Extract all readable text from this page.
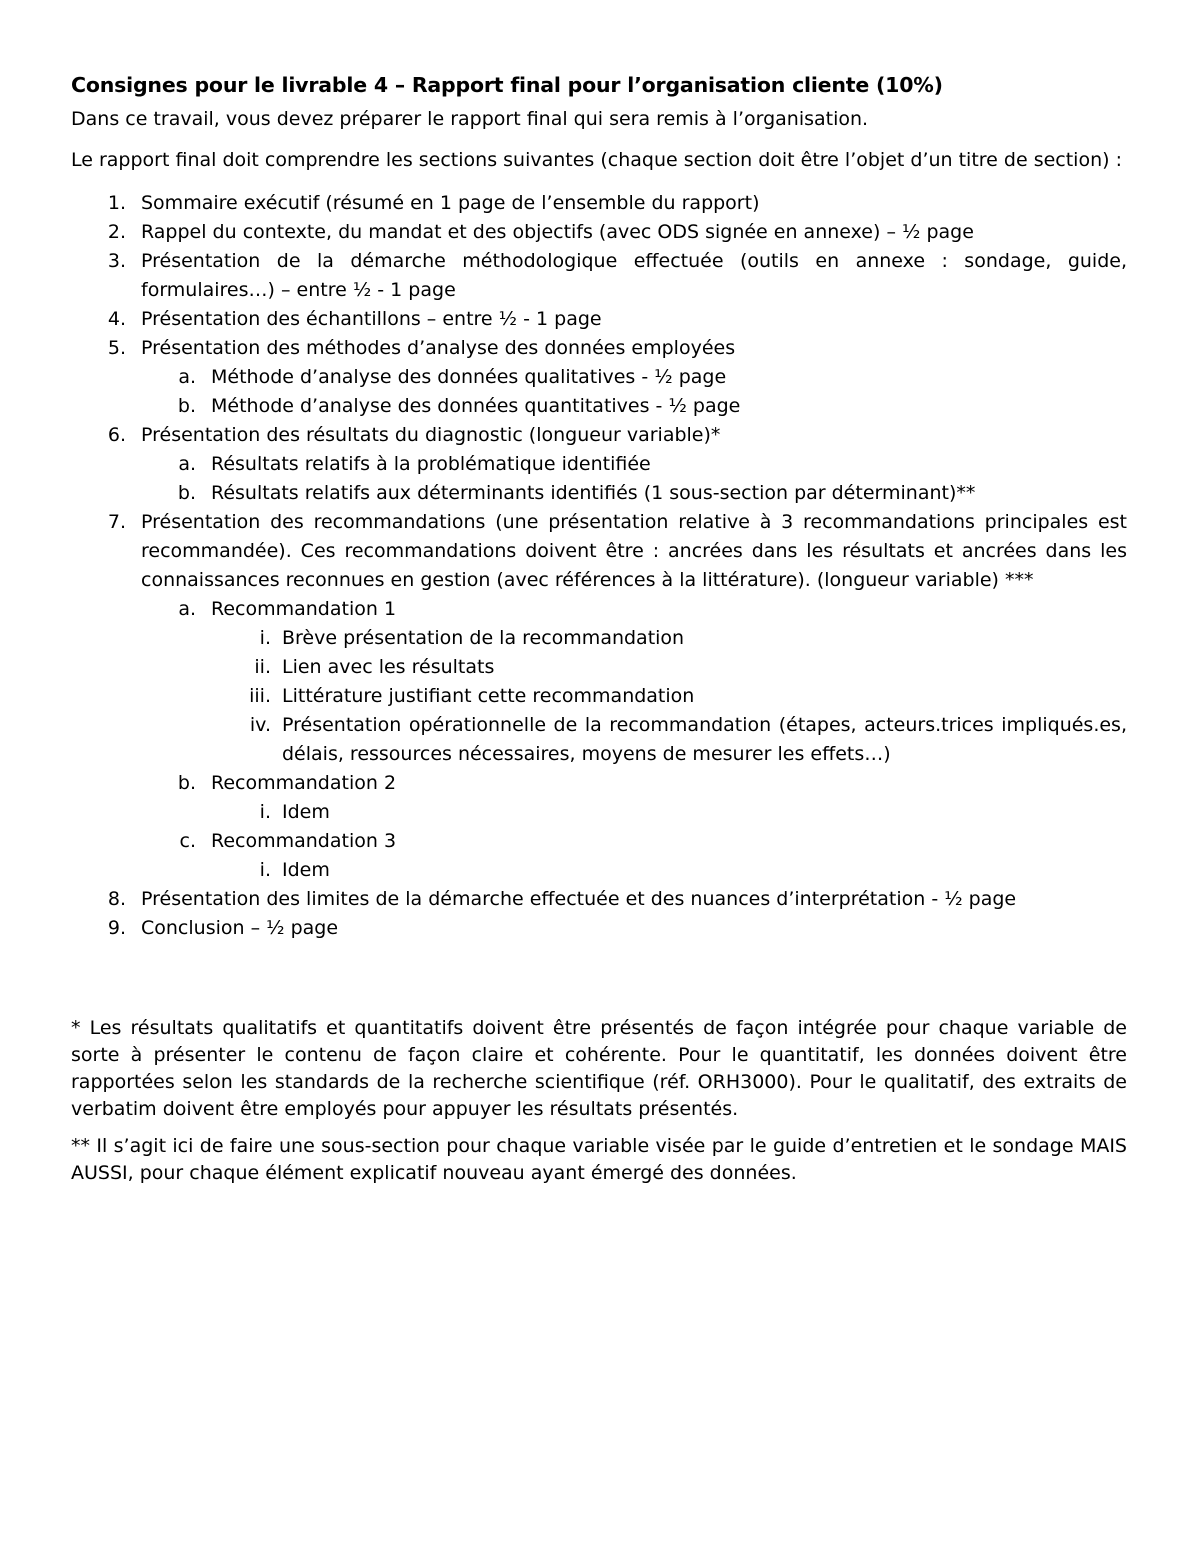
Consignes pour le livrable 4 – Rapport final pour l’organisation cliente (10%)

Dans ce travail, vous devez préparer le rapport final qui sera remis à l’organisation.

Le rapport final doit comprendre les sections suivantes (chaque section doit être l’objet d’un titre de section) :

1. Sommaire exécutif (résumé en 1 page de l’ensemble du rapport)
2. Rappel du contexte, du mandat et des objectifs (avec ODS signée en annexe) – ½ page
3. Présentation de la démarche méthodologique effectuée (outils en annexe : sondage, guide, formulaires…) – entre ½ - 1 page
4. Présentation des échantillons – entre ½ - 1 page
5. Présentation des méthodes d’analyse des données employées
a. Méthode d’analyse des données qualitatives - ½ page
b. Méthode d’analyse des données quantitatives - ½ page
6. Présentation des résultats du diagnostic (longueur variable)*
a. Résultats relatifs à la problématique identifiée
b. Résultats relatifs aux déterminants identifiés (1 sous-section par déterminant)**
7. Présentation des recommandations (une présentation relative à 3 recommandations principales est recommandée). Ces recommandations doivent être : ancrées dans les résultats et ancrées dans les connaissances reconnues en gestion (avec références à la littérature). (longueur variable) ***
a. Recommandation 1
i. Brève présentation de la recommandation
ii. Lien avec les résultats
iii. Littérature justifiant cette recommandation
iv. Présentation opérationnelle de la recommandation (étapes, acteurs.trices impliqués.es, délais, ressources nécessaires, moyens de mesurer les effets…)
b. Recommandation 2
i. Idem
c. Recommandation 3
i. Idem
8. Présentation des limites de la démarche effectuée et des nuances d’interprétation - ½ page
9. Conclusion – ½ page

* Les résultats qualitatifs et quantitatifs doivent être présentés de façon intégrée pour chaque variable de sorte à présenter le contenu de façon claire et cohérente. Pour le quantitatif, les données doivent être rapportées selon les standards de la recherche scientifique (réf. ORH3000). Pour le qualitatif, des extraits de verbatim doivent être employés pour appuyer les résultats présentés.

** Il s’agit ici de faire une sous-section pour chaque variable visée par le guide d’entretien et le sondage MAIS AUSSI, pour chaque élément explicatif nouveau ayant émergé des données.
